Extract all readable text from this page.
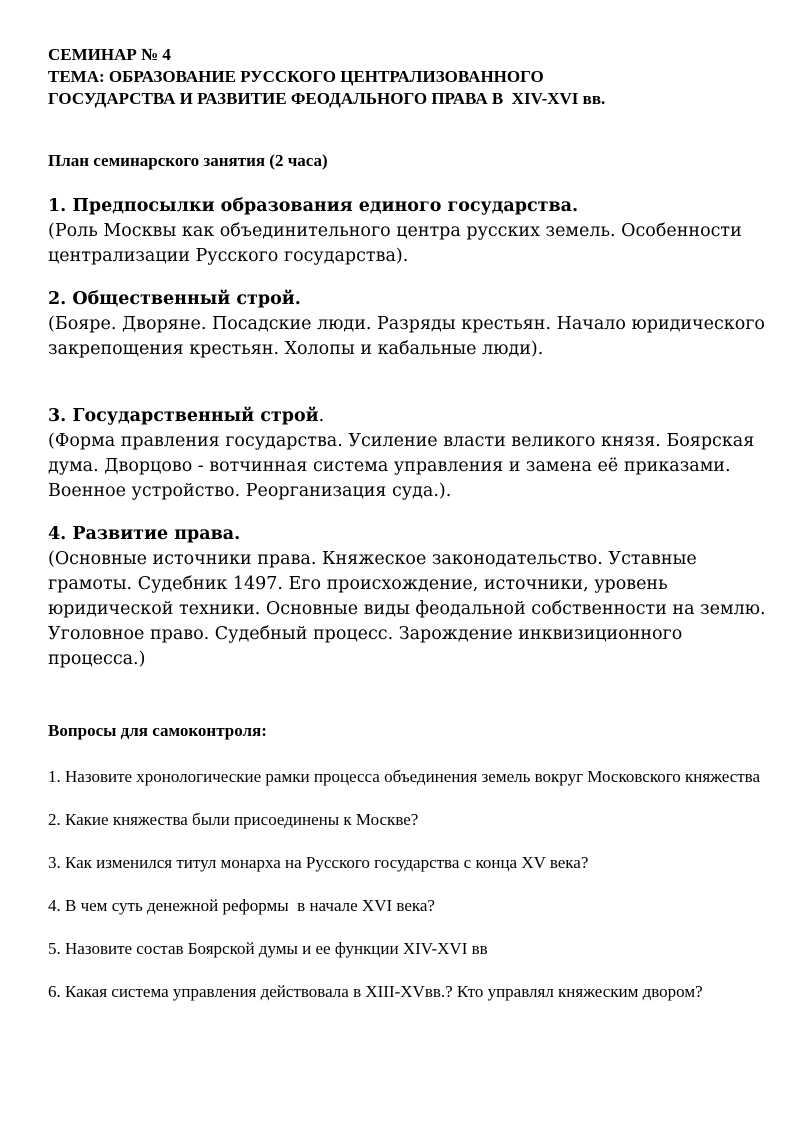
СЕМИНАР № 4

ТЕМА: ОБРАЗОВАНИЕ РУССКОГО ЦЕНТРАЛИЗОВАННОГО

ГОСУДАРСТВА И РАЗВИТИЕ ФЕОДАЛЬНОГО ПРАВА В  XIV-XVI вв.

План семинарского занятия (2 часа)

1. Предпосылки образования единого государства.
(Роль Москвы как объединительного центра русских земель. Особенности централизации Русского государства).

2. Общественный строй.
(Бояре. Дворяне. Посадские люди. Разряды крестьян. Начало юридического закрепощения крестьян. Холопы и кабальные люди).

3. Государственный строй.
(Форма правления государства. Усиление власти великого князя. Боярская дума. Дворцово - вотчинная система управления и замена её приказами. Военное устройство. Реорганизация суда.).

4. Развитие права.
(Основные источники права. Княжеское законодательство. Уставные грамоты. Судебник 1497. Его происхождение, источники, уровень юридической техники. Основные виды феодальной собственности на землю. Уголовное право. Судебный процесс. Зарождение инквизиционного процесса.)

Вопросы для самоконтроля:

1. Назовите хронологические рамки процесса объединения земель вокруг Московского княжества

2. Какие княжества были присоединены к Москве?

3. Как изменился титул монарха на Русского государства с конца XV века?

4. В чем суть денежной реформы  в начале XVI века?

5. Назовите состав Боярской думы и ее функции XIV-XVI вв

6. Какая система управления действовала в XIII-XVвв.? Кто управлял княжеским двором?
